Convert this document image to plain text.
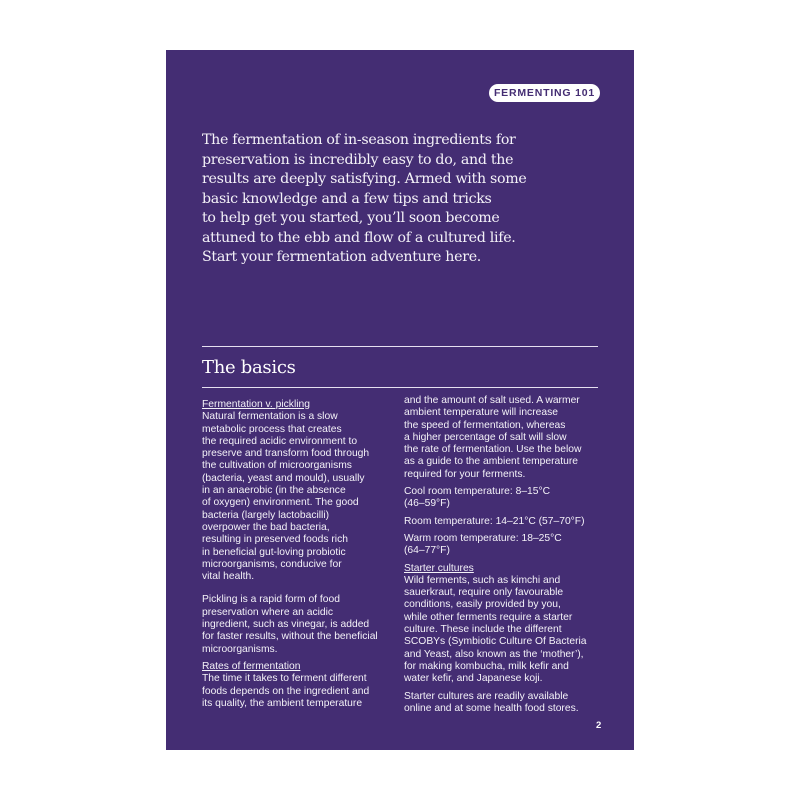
FERMENTING 101

The fermentation of in-season ingredients for
preservation is incredibly easy to do, and the
results are deeply satisfying. Armed with some
basic knowledge and a few tips and tricks
to help get you started, you’ll soon become
attuned to the ebb and flow of a cultured life.
Start your fermentation adventure here.

The basics

Fermentation v. pickling

Natural fermentation is a slow

metabolic process that creates

the required acidic environment to

preserve and transform food through

the cultivation of microorganisms

(bacteria, yeast and mould), usually

in an anaerobic (in the absence

of oxygen) environment. The good

bacteria (largely lactobacilli)

overpower the bad bacteria,

resulting in preserved foods rich

in beneficial gut-loving probiotic

microorganisms, conducive for

vital health.

Pickling is a rapid form of food

preservation where an acidic

ingredient, such as vinegar, is added

for faster results, without the beneficial

microorganisms.

Rates of fermentation

The time it takes to ferment different

foods depends on the ingredient and

its quality, the ambient temperature

and the amount of salt used. A warmer

ambient temperature will increase

the speed of fermentation, whereas

a higher percentage of salt will slow

the rate of fermentation. Use the below

as a guide to the ambient temperature

required for your ferments.

Cool room temperature: 8–15°C

(46–59°F)

Room temperature: 14–21°C (57–70°F)

Warm room temperature: 18–25°C

(64–77°F)

Starter cultures

Wild ferments, such as kimchi and

sauerkraut, require only favourable

conditions, easily provided by you,

while other ferments require a starter

culture. These include the different

SCOBYs (Symbiotic Culture Of Bacteria

and Yeast, also known as the ‘mother’),

for making kombucha, milk kefir and

water kefir, and Japanese koji.

Starter cultures are readily available

online and at some health food stores.

2
